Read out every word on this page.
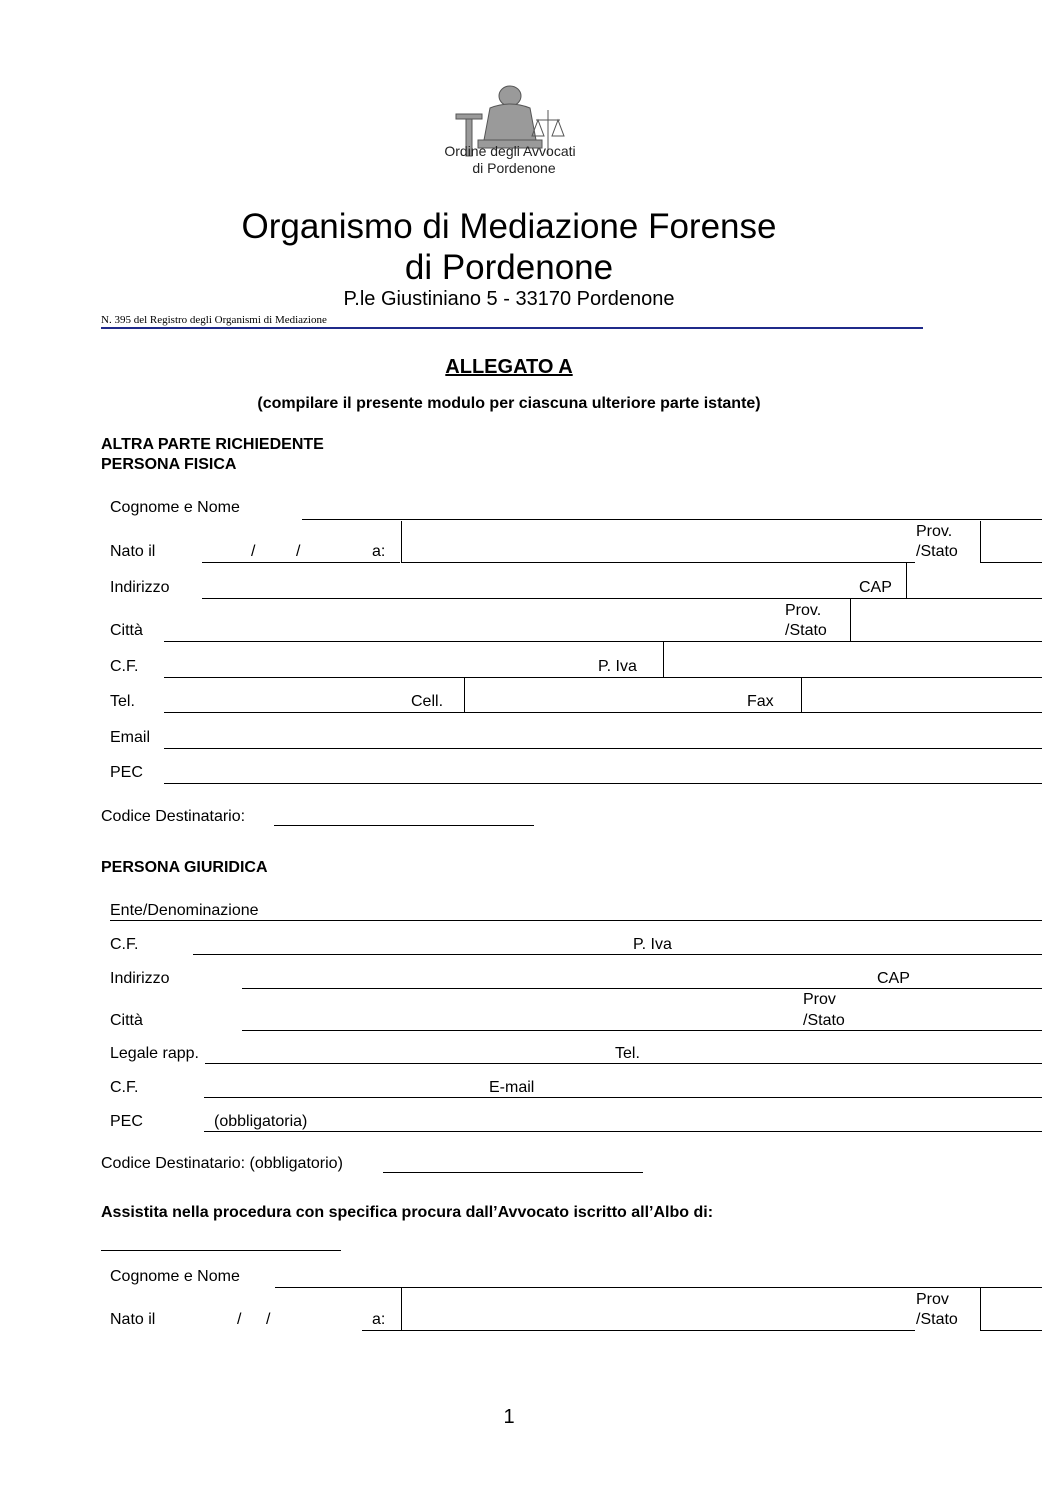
Ordine degli Avvocati
di Pordenone
Organismo di Mediazione Forense di Pordenone
P.le Giustiniano 5 - 33170 Pordenone
N. 395 del Registro degli Organismi di Mediazione
ALLEGATO A
(compilare il presente modulo per ciascuna ulteriore parte istante)
ALTRA PARTE RICHIEDENTE
PERSONA FISICA
Cognome e Nome
Nato il	/	/	a:
Prov.
/Stato
Indirizzo	CAP
Città
Prov.
/Stato
C.F.	P. Iva
Tel.	Cell.	Fax
Email
PEC
Codice Destinatario:
PERSONA GIURIDICA
Ente/Denominazione
C.F.	P. Iva
Indirizzo	CAP
Città
Prov
/Stato
Legale rapp.	Tel.
C.F.	E-mail
PEC	(obbligatoria)
Codice Destinatario: (obbligatorio)
Assistita nella procedura con specifica procura dall’Avvocato iscritto all’Albo di:
Cognome e Nome
Nato il	/ /	a:
Prov
/Stato
1
